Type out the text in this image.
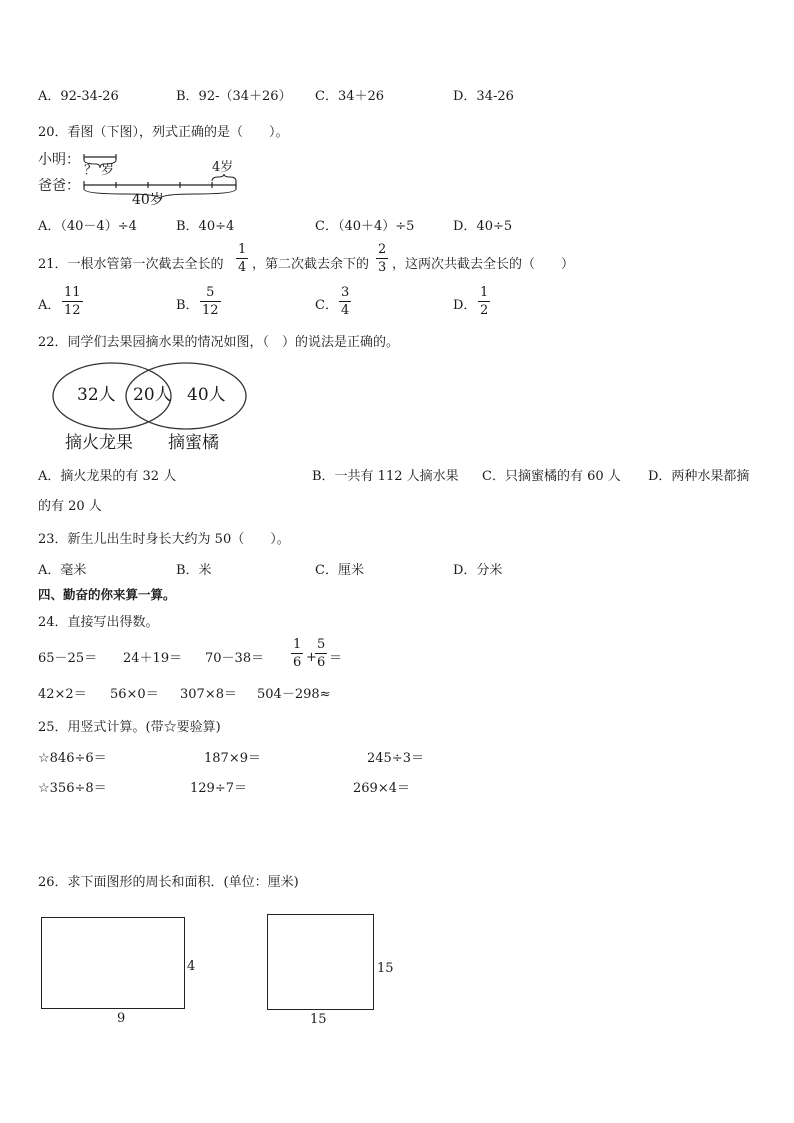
A．92-34-26	B．92-（34＋26） C．34＋26	D．34-26
20．看图（下图），列式正确的是（　　）。
小明：
爸爸：
？ 岁	4岁
40岁
A．（40－4）÷4	B．40÷4	C．（40＋4）÷5	D．40÷5
21．一根水管第一次截去全长的
1
4 ，第二次截去余下的
2
3 ，这两次共截去全长的（　　）
A．
11
12	B．
5
12	C．
3
4	D．
1
2
22．同学们去果园摘水果的情况如图，（　）的说法是正确的。
32人 20人 40人
摘火龙果 摘蜜橘
A．摘火龙果的有 32 人	B．一共有 112 人摘水果 C．只摘蜜橘的有 60 人 D．两种水果都摘
的有 20 人
23．新生儿出生时身长大约为 50（　　）。
A．毫米	B．米	C．厘米	D．分米
四、勤奋的你来算一算。
24．直接写出得数。
65－25＝ 24＋19＝ 70－38＝
1
6 +
5
6 ＝
42×2＝ 56×0＝ 307×8＝ 504－298≈
25．用竖式计算。(带☆要验算)
☆846÷6＝	187×9＝	245÷3＝
☆356÷8＝	129÷7＝	269×4＝
26．求下面图形的周长和面积．(单位：厘米)
4
9
15
15
